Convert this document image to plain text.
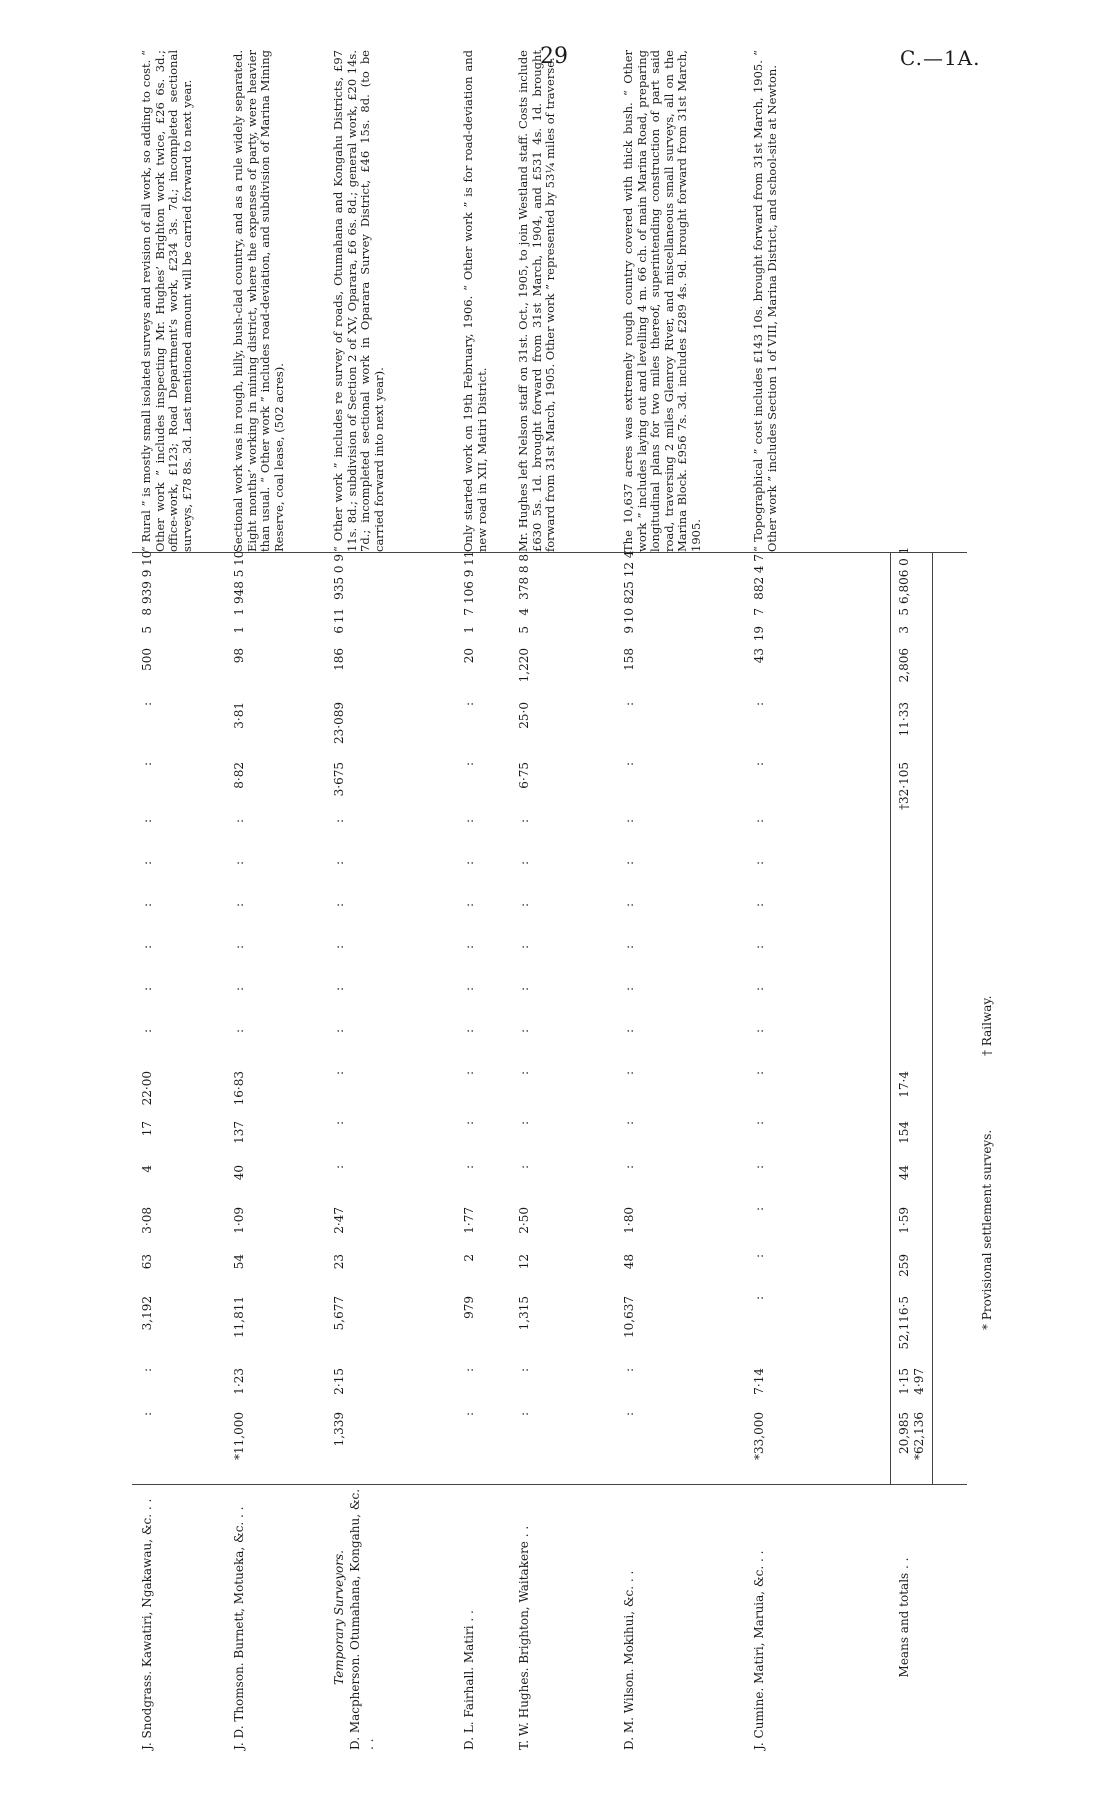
29	C.—1A.
J. Snodgrass. Kawatiri, Ngakawau, &c. . .
:
:
3,192
63
3·08
4
17
22·00
:
:
:
:
:
:
:
:
500
5
8
939 9 10
“ Rural ” is mostly small isolated surveys and revision of all work, so adding to cost. “ Other work ” includes inspecting Mr. Hughes’ Brighton work twice, £26 6s. 3d.; office-work, £123; Road Department’s work, £234 3s. 7d.; incompleted sectional surveys, £78 8s. 3d. Last mentioned amount will be carried forward to next year.
J. D. Thomson. Burnett, Motueka, &c. . .
*11,000
1·23
11,811
54
1·09
40
137
16·83
:
:
:
:
:
:
8·82
3·81
98
1
1
948 5 10
Sectional work was in rough, hilly, bush-clad country, and as a rule widely separated. Eight months’ working in mining district, where the expenses of party, were heavier than usual. “ Other work ” includes road-deviation, and subdivision of Marina Mining Reserve, coal lease, (502 acres).
Temporary Surveyors.
D. Macpherson. Otumahana, Kongahu, &c. . .
1,339
2·15
5,677
23
2·47
:
:
:
:
:
:
:
:
:
3·675
23·089
186
6
11
935 0 9
“ Other work ” includes re survey of roads, Otumahana and Kongahu Districts, £97 11s. 8d.; subdivision of Section 2 of XV, Oparara, £6 6s. 8d.; general work, £20 14s. 7d.; incompleted sectional work in Oparara Survey District, £46 15s. 8d. (to be carried forward into next year).
D. L. Fairhall. Matiri . .
:
:
979
2
1·77
:
:
:
:
:
:
:
:
:
:
:
20
1
7
106 9 11
Only started work on 19th February, 1906. “ Other work ” is for road-deviation and new road in XII, Matiri District.
T. W. Hughes. Brighton, Waitakere . .
:
:
1,315
12
2·50
:
:
:
:
:
:
:
:
:
6·75
25·0
1,220
5
4
378 8 8
Mr. Hughes left Nelson staff on 31st. Oct., 1905, to join Westland staff. Costs include £630 5s. 1d. brought forward from 31st March, 1904, and £531 4s. 1d. brought forward from 31st March, 1905. Other work ” represented by 53¼ miles of traverse.
D. M. Wilson. Mokihui, &c. . .
:
:
10,637
48
1·80
:
:
:
:
:
:
:
:
:
:
:
158
9
10
825 12 4
The 10,637 acres was extremely rough country covered with thick bush. “ Other work ” includes laying out and levelling 4 m. 66 ch. of main Marina Road, preparing longitudinal plans for two miles thereof, superintending construction of part said road, traversing 2 miles Glenroy River, and miscellaneous small surveys, all on the Marina Block. £956 7s. 3d. includes £289 4s. 9d. brought forward from 31st March, 1905.
J. Cumine. Matiri, Maruia, &c. . .
*33,000
7·14
:
:
:
:
:
:
:
:
:
:
:
:
:
:
43
19
7
882 4 7
“ Topographical ” cost includes £143 10s. brought forward from 31st March, 1905. “ Other work ” includes Section 1 of VIII, Marina District, and school-site at Newton.
Means and totals . .
20,985 *62,136
1·15 4·97
52,116·5
259
1·59
44
154
17·4
†32·105
11·33
2,806
3
5
6,806 0 1
* Provisional settlement surveys. † Railway.
